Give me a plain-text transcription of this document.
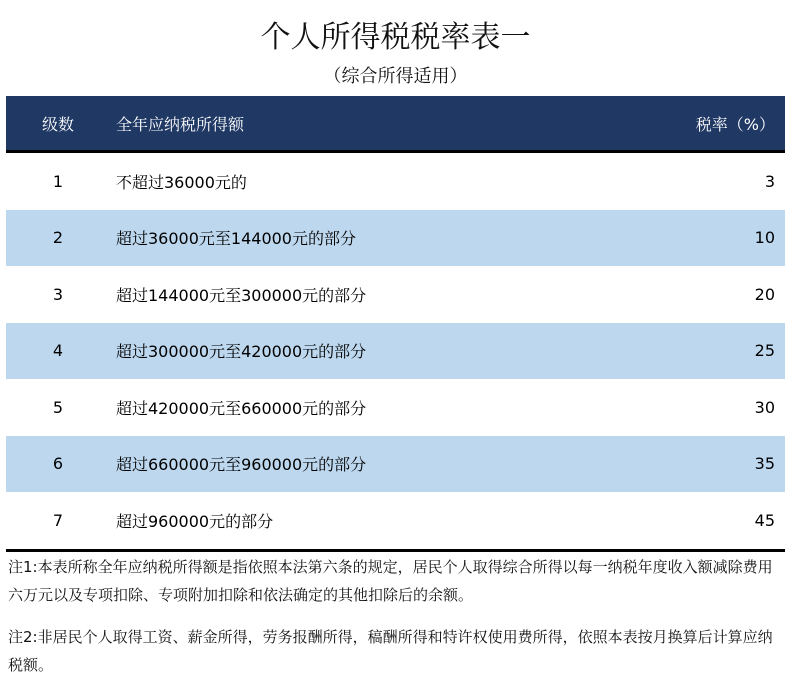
个人所得税税率表一
（综合所得适用）
级数	全年应纳税所得额	税率（%）
1	不超过36000元的	3
2	超过36000元至144000元的部分	10
3	超过144000元至300000元的部分	20
4	超过300000元至420000元的部分	25
5	超过420000元至660000元的部分	30
6	超过660000元至960000元的部分	35
7	超过960000元的部分	45
注1:本表所称全年应纳税所得额是指依照本法第六条的规定，居民个人取得综合所得以每一纳税年度收入额减除费用六万元以及专项扣除、专项附加扣除和依法确定的其他扣除后的余额。
注2:非居民个人取得工资、薪金所得，劳务报酬所得，稿酬所得和特许权使用费所得，依照本表按月换算后计算应纳税额。
